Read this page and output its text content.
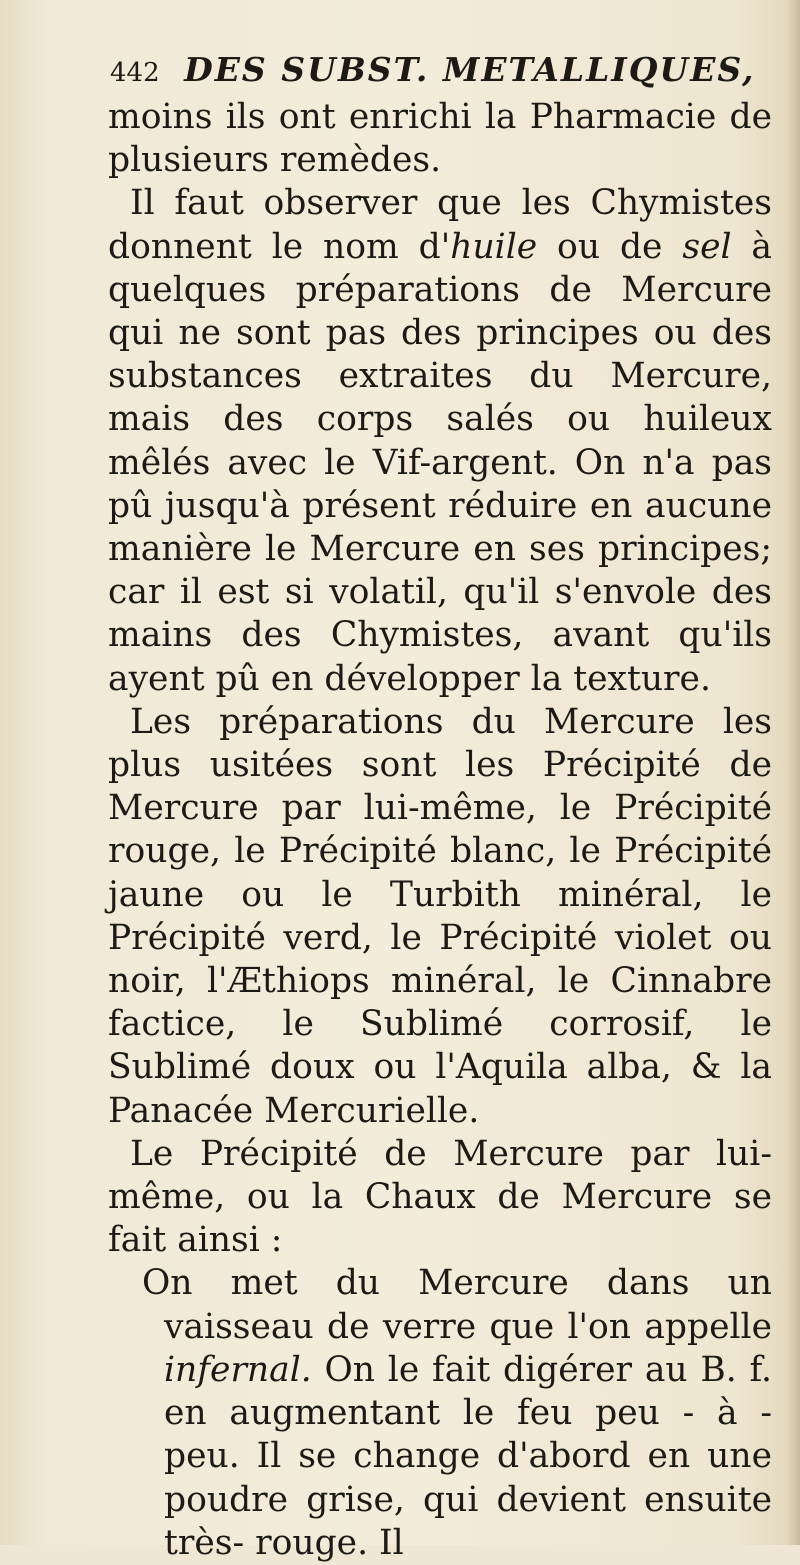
442 DES SUBST. METALLIQUES,

moins ils ont enrichi la Pharmacie de plusieurs remèdes.

Il faut observer que les Chymistes donnent le nom d'huile ou de sel à quelques préparations de Mercure qui ne sont pas des principes ou des substances extraites du Mercure, mais des corps salés ou huileux mêlés avec le Vif-argent. On n'a pas pû jusqu'à présent réduire en aucune manière le Mercure en ses principes; car il est si volatil, qu'il s'envole des mains des Chymistes, avant qu'ils ayent pû en développer la texture.

Les préparations du Mercure les plus usitées sont les Précipité de Mercure par lui-même, le Précipité rouge, le Précipité blanc, le Précipité jaune ou le Turbith minéral, le Précipité verd, le Précipité violet ou noir, l'Æthiops minéral, le Cinnabre factice, le Sublimé corrosif, le Sublimé doux ou l'Aquila alba, & la Panacée Mercurielle.

Le Précipité de Mercure par lui-même, ou la Chaux de Mercure se fait ainsi :

On met du Mercure dans un vaisseau de verre que l'on appelle infernal. On le fait digérer au B. f. en augmentant le feu peu - à - peu. Il se change d'abord en une poudre grise, qui devient ensuite très- rouge. Il
